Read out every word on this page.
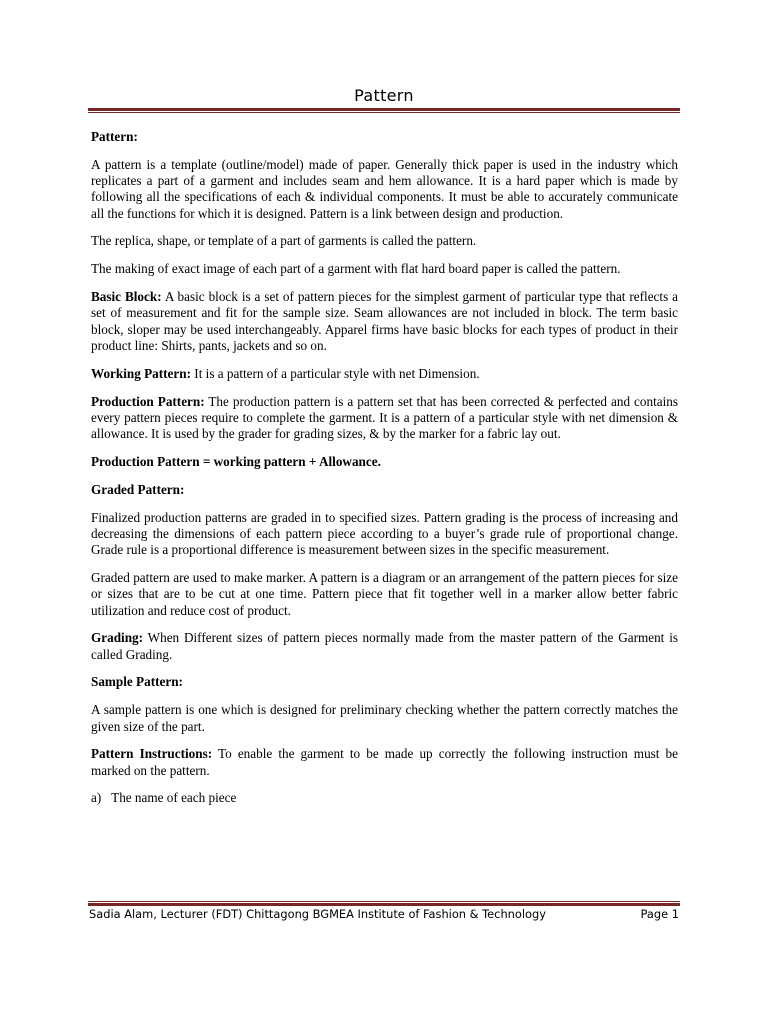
Pattern

Pattern:

A pattern is a template (outline/model) made of paper. Generally thick paper is used in the industry which replicates a part of a garment and includes seam and hem allowance. It is a hard paper which is made by following all the specifications of each & individual components. It must be able to accurately communicate all the functions for which it is designed. Pattern is a link between design and production.

The replica, shape, or template of a part of garments is called the pattern.

The making of exact image of each part of a garment with flat hard board paper is called the pattern.

Basic Block: A basic block is a set of pattern pieces for the simplest garment of particular type that reflects a set of measurement and fit for the sample size. Seam allowances are not included in block. The term basic block, sloper may be used interchangeably. Apparel firms have basic blocks for each types of product in their product line: Shirts, pants, jackets and so on.

Working Pattern: It is a pattern of a particular style with net Dimension.

Production Pattern: The production pattern is a pattern set that has been corrected & perfected and contains every pattern pieces require to complete the garment. It is a pattern of a particular style with net dimension & allowance. It is used by the grader for grading sizes, & by the marker for a fabric lay out.

Production Pattern = working pattern + Allowance.

Graded Pattern:

Finalized production patterns are graded in to specified sizes. Pattern grading is the process of increasing and decreasing the dimensions of each pattern piece according to a buyer’s grade rule of proportional change. Grade rule is a proportional difference is measurement between sizes in the specific measurement.

Graded pattern are used to make marker. A pattern is a diagram or an arrangement of the pattern pieces for size or sizes that are to be cut at one time. Pattern piece that fit together well in a marker allow better fabric utilization and reduce cost of product.

Grading: When Different sizes of pattern pieces normally made from the master pattern of the Garment is called Grading.

Sample Pattern:

A sample pattern is one which is designed for preliminary checking whether the pattern correctly matches the given size of the part.

Pattern Instructions: To enable the garment to be made up correctly the following instruction must be marked on the pattern.

a)   The name of each piece

Sadia Alam, Lecturer (FDT) Chittagong BGMEA Institute of Fashion & Technology	Page 1
